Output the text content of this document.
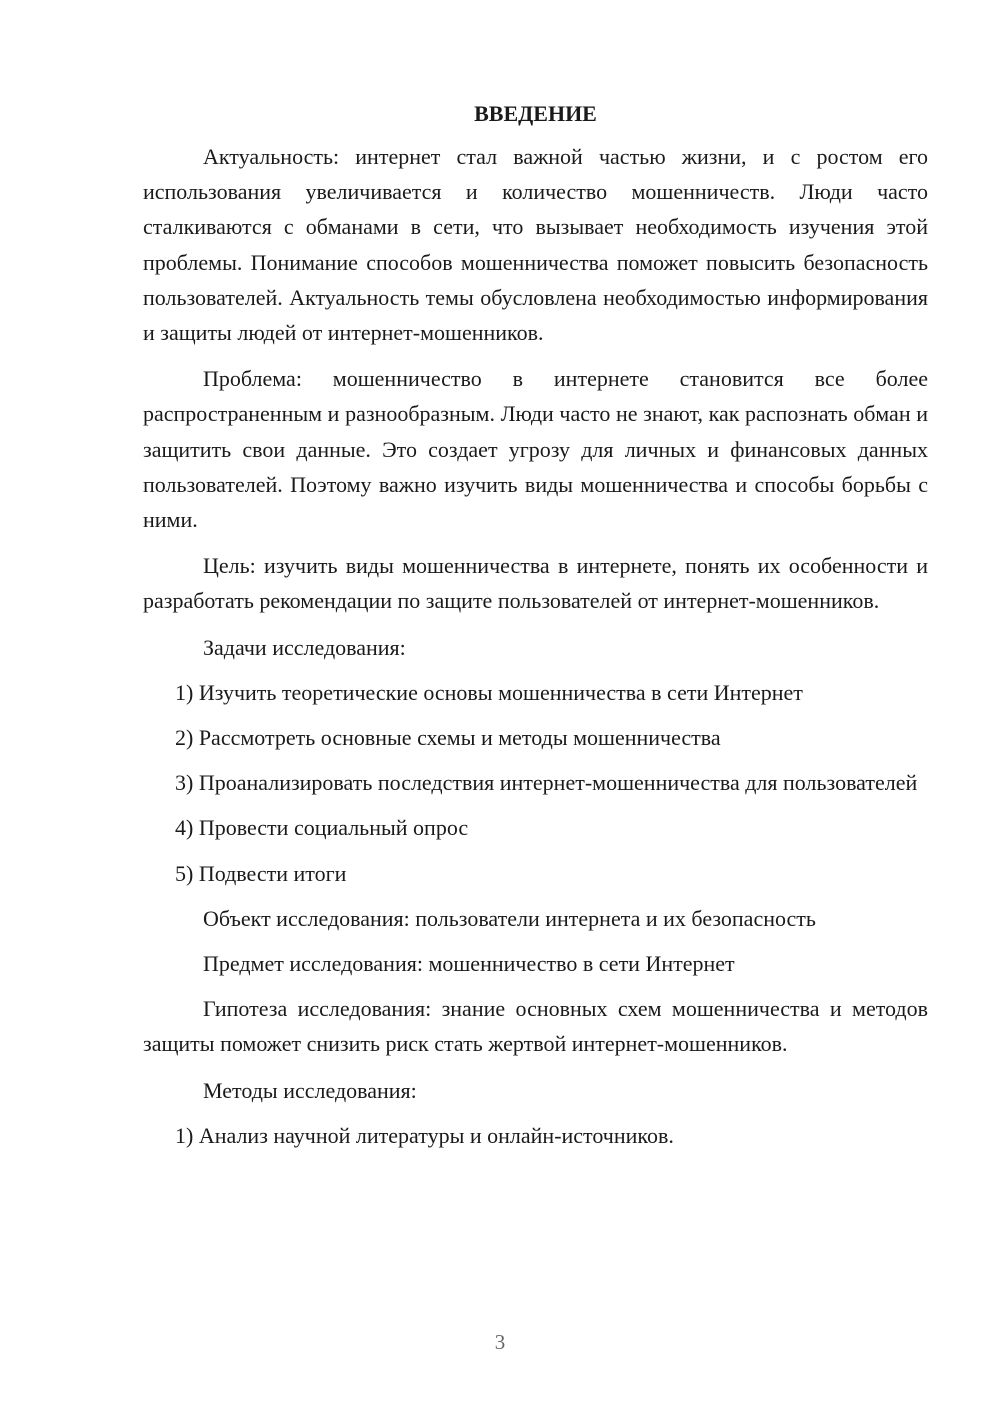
ВВЕДЕНИЕ

Актуальность: интернет стал важной частью жизни, и с ростом его использования увеличивается и количество мошенничеств. Люди часто сталкиваются с обманами в сети, что вызывает необходимость изучения этой проблемы. Понимание способов мошенничества поможет повысить безопасность пользователей. Актуальность темы обусловлена необходимостью информирования и защиты людей от интернет-мошенников.

Проблема: мошенничество в интернете становится все более распространенным и разнообразным. Люди часто не знают, как распознать обман и защитить свои данные. Это создает угрозу для личных и финансовых данных пользователей. Поэтому важно изучить виды мошенничества и способы борьбы с ними.

Цель: изучить виды мошенничества в интернете, понять их особенности и разработать рекомендации по защите пользователей от интернет-мошенников.

Задачи исследования:

1) Изучить теоретические основы мошенничества в сети Интернет

2) Рассмотреть основные схемы и методы мошенничества

3) Проанализировать последствия интернет-мошенничества для пользователей

4) Провести социальный опрос

5) Подвести итоги

Объект исследования: пользователи интернета и их безопасность

Предмет исследования: мошенничество в сети Интернет

Гипотеза исследования: знание основных схем мошенничества и методов защиты поможет снизить риск стать жертвой интернет-мошенников.

Методы исследования:

1) Анализ научной литературы и онлайн-источников.

3
